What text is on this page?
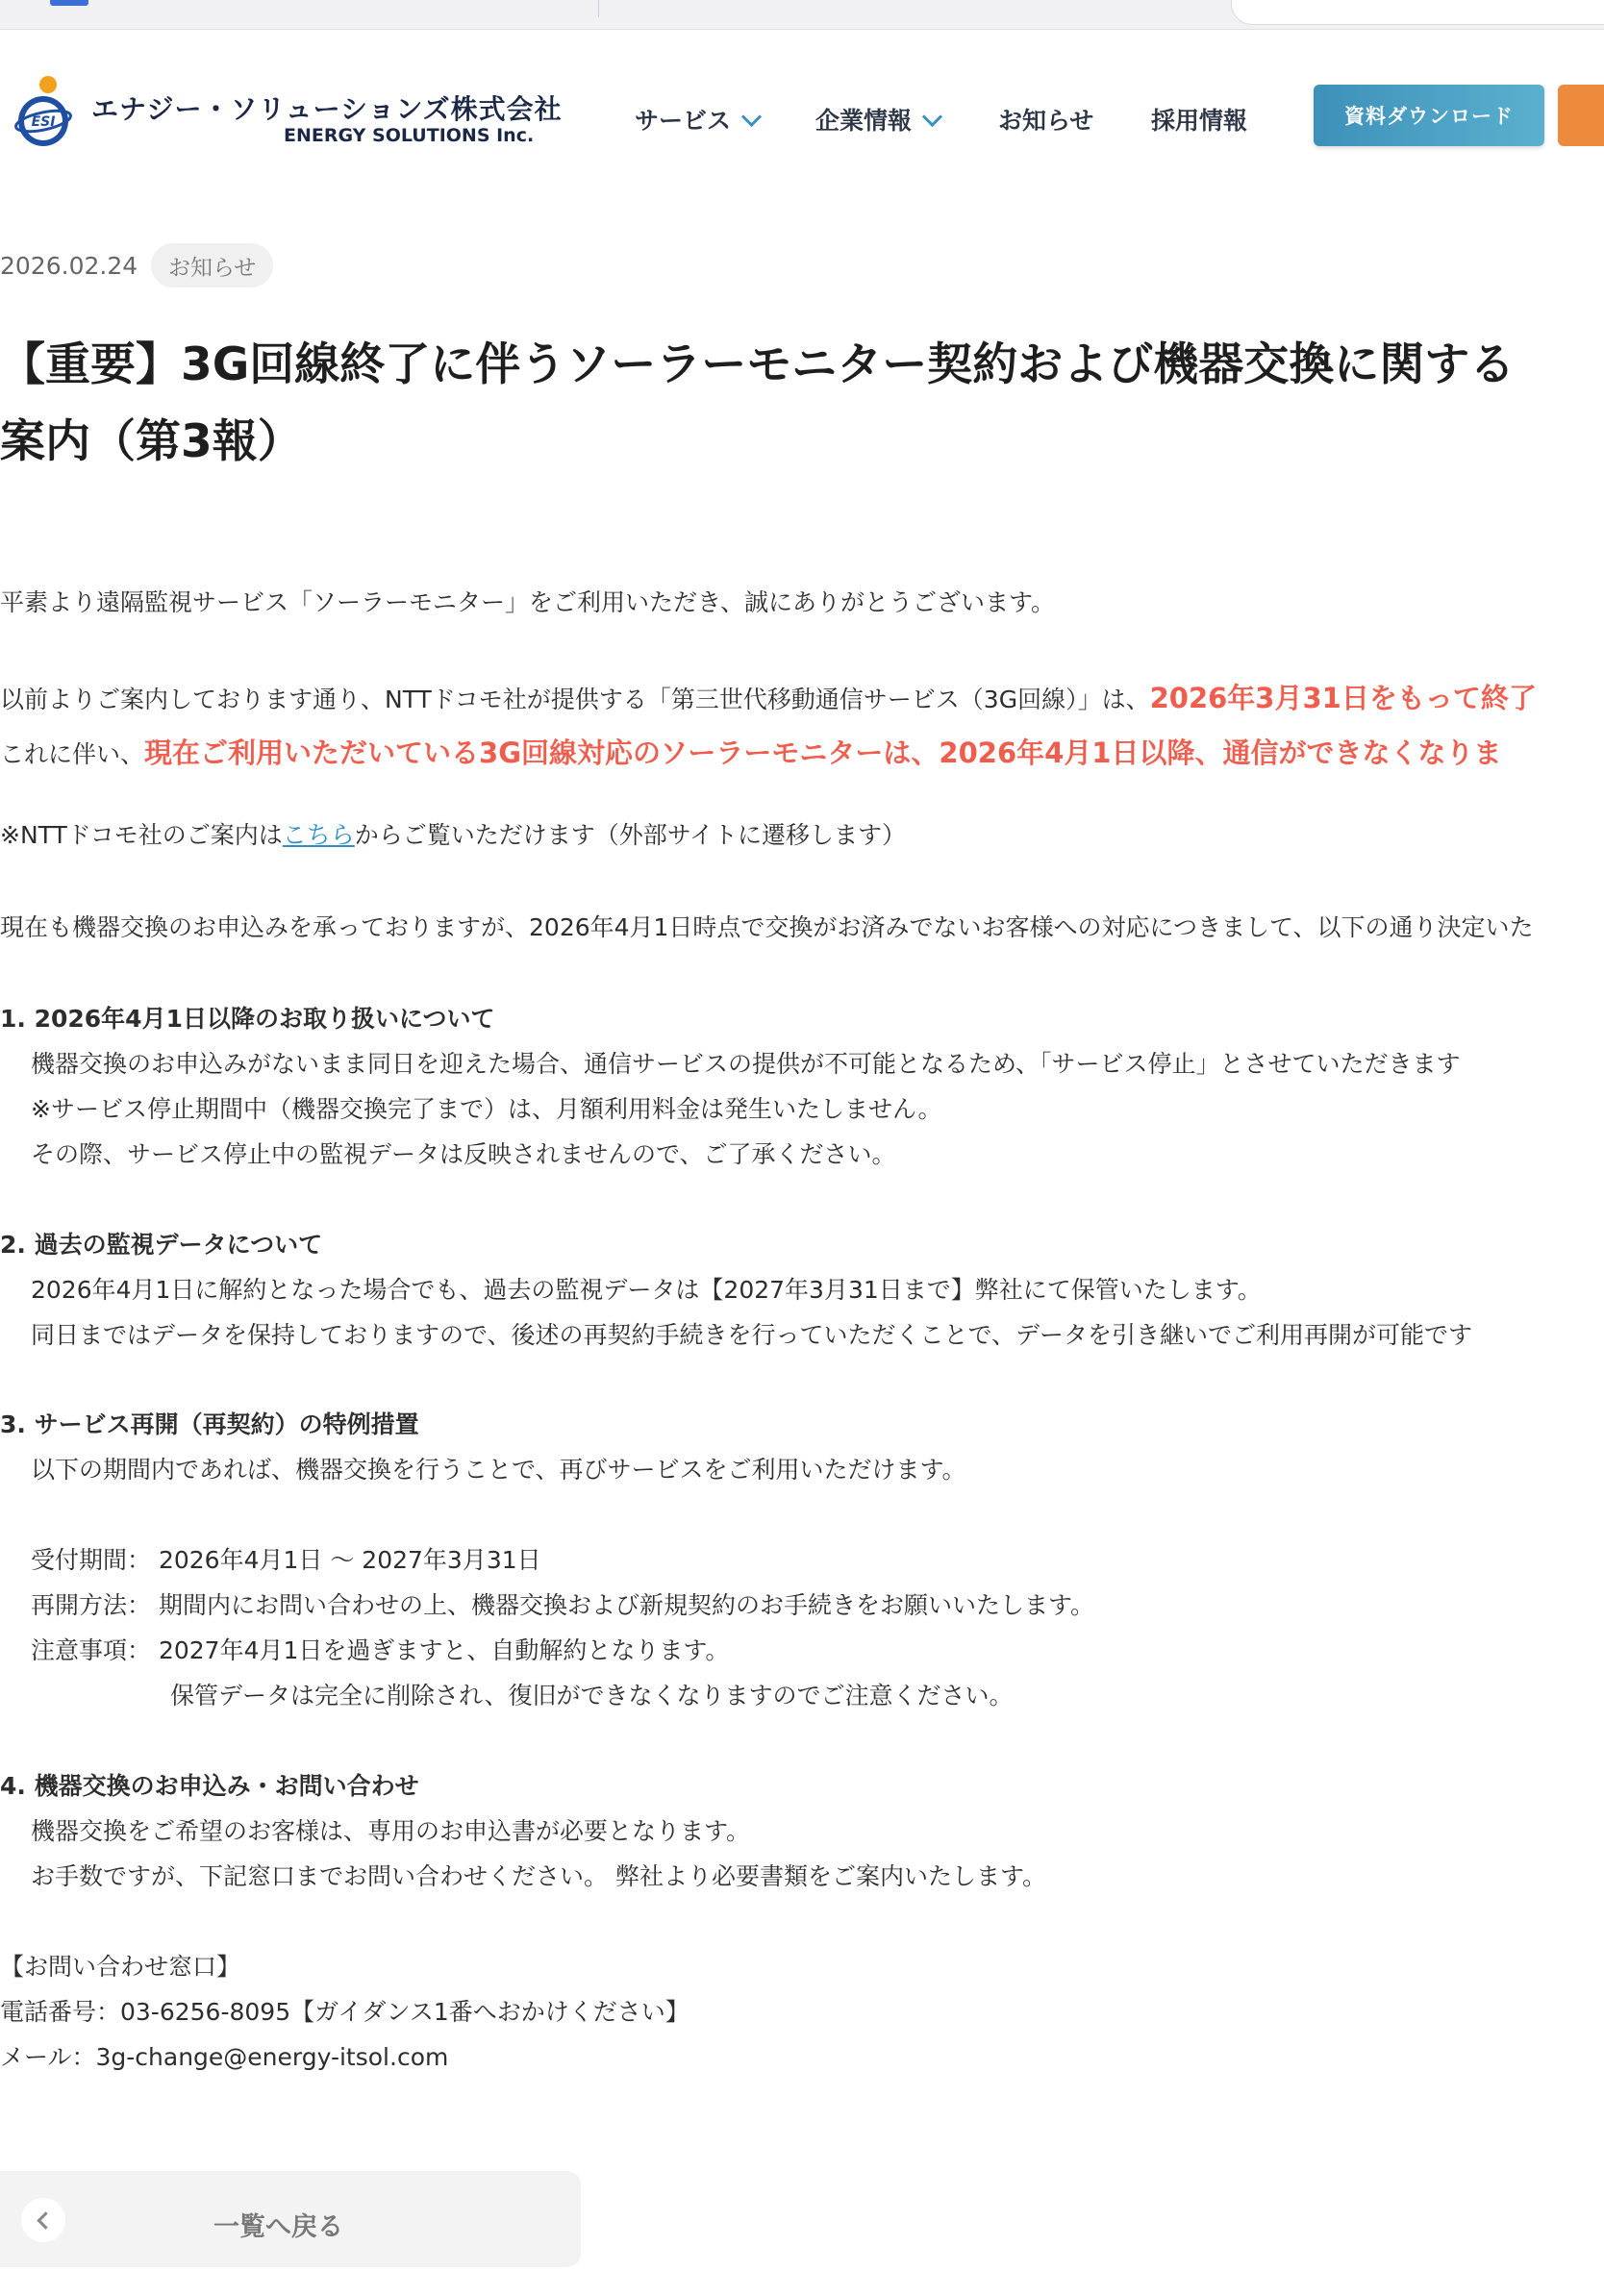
ESI エナジー・ソリューションズ株式会社
ENERGY SOLUTIONS Inc.
サービス	企業情報	お知らせ 採用情報	資料ダウンロード
2026.02.24 お知らせ
【重要】3G回線終了に伴うソーラーモニター契約および機器交換に関する
案内（第3報）
平素より遠隔監視サービス「ソーラーモニター」をご利用いただき、誠にありがとうございます。
以前よりご案内しております通り、NTTドコモ社が提供する「第三世代移動通信サービス（3G回線）」は、2026年3月31日をもって終了
これに伴い、現在ご利用いただいている3G回線対応のソーラーモニターは、2026年4月1日以降、通信ができなくなりま
※NTTドコモ社のご案内はこちらからご覧いただけます（外部サイトに遷移します）
現在も機器交換のお申込みを承っておりますが、2026年4月1日時点で交換がお済みでないお客様への対応につきまして、以下の通り決定いた
1. 2026年4月1日以降のお取り扱いについて
機器交換のお申込みがないまま同日を迎えた場合、通信サービスの提供が不可能となるため、「サービス停止」とさせていただきます
※サービス停止期間中（機器交換完了まで）は、月額利用料金は発生いたしません。
その際、サービス停止中の監視データは反映されませんので、ご了承ください。
2. 過去の監視データについて
2026年4月1日に解約となった場合でも、過去の監視データは【2027年3月31日まで】弊社にて保管いたします。
同日まではデータを保持しておりますので、後述の再契約手続きを行っていただくことで、データを引き継いでご利用再開が可能です
3. サービス再開（再契約）の特例措置
以下の期間内であれば、機器交換を行うことで、再びサービスをご利用いただけます。
受付期間： 2026年4月1日 〜 2027年3月31日
再開方法： 期間内にお問い合わせの上、機器交換および新規契約のお手続きをお願いいたします。
注意事項： 2027年4月1日を過ぎますと、自動解約となります。
保管データは完全に削除され、復旧ができなくなりますのでご注意ください。
4. 機器交換のお申込み・お問い合わせ
機器交換をご希望のお客様は、専用のお申込書が必要となります。
お手数ですが、下記窓口までお問い合わせください。 弊社より必要書類をご案内いたします。
【お問い合わせ窓口】
電話番号：03-6256-8095【ガイダンス1番へおかけください】
メール：3g-change@energy-itsol.com
一覧へ戻る
